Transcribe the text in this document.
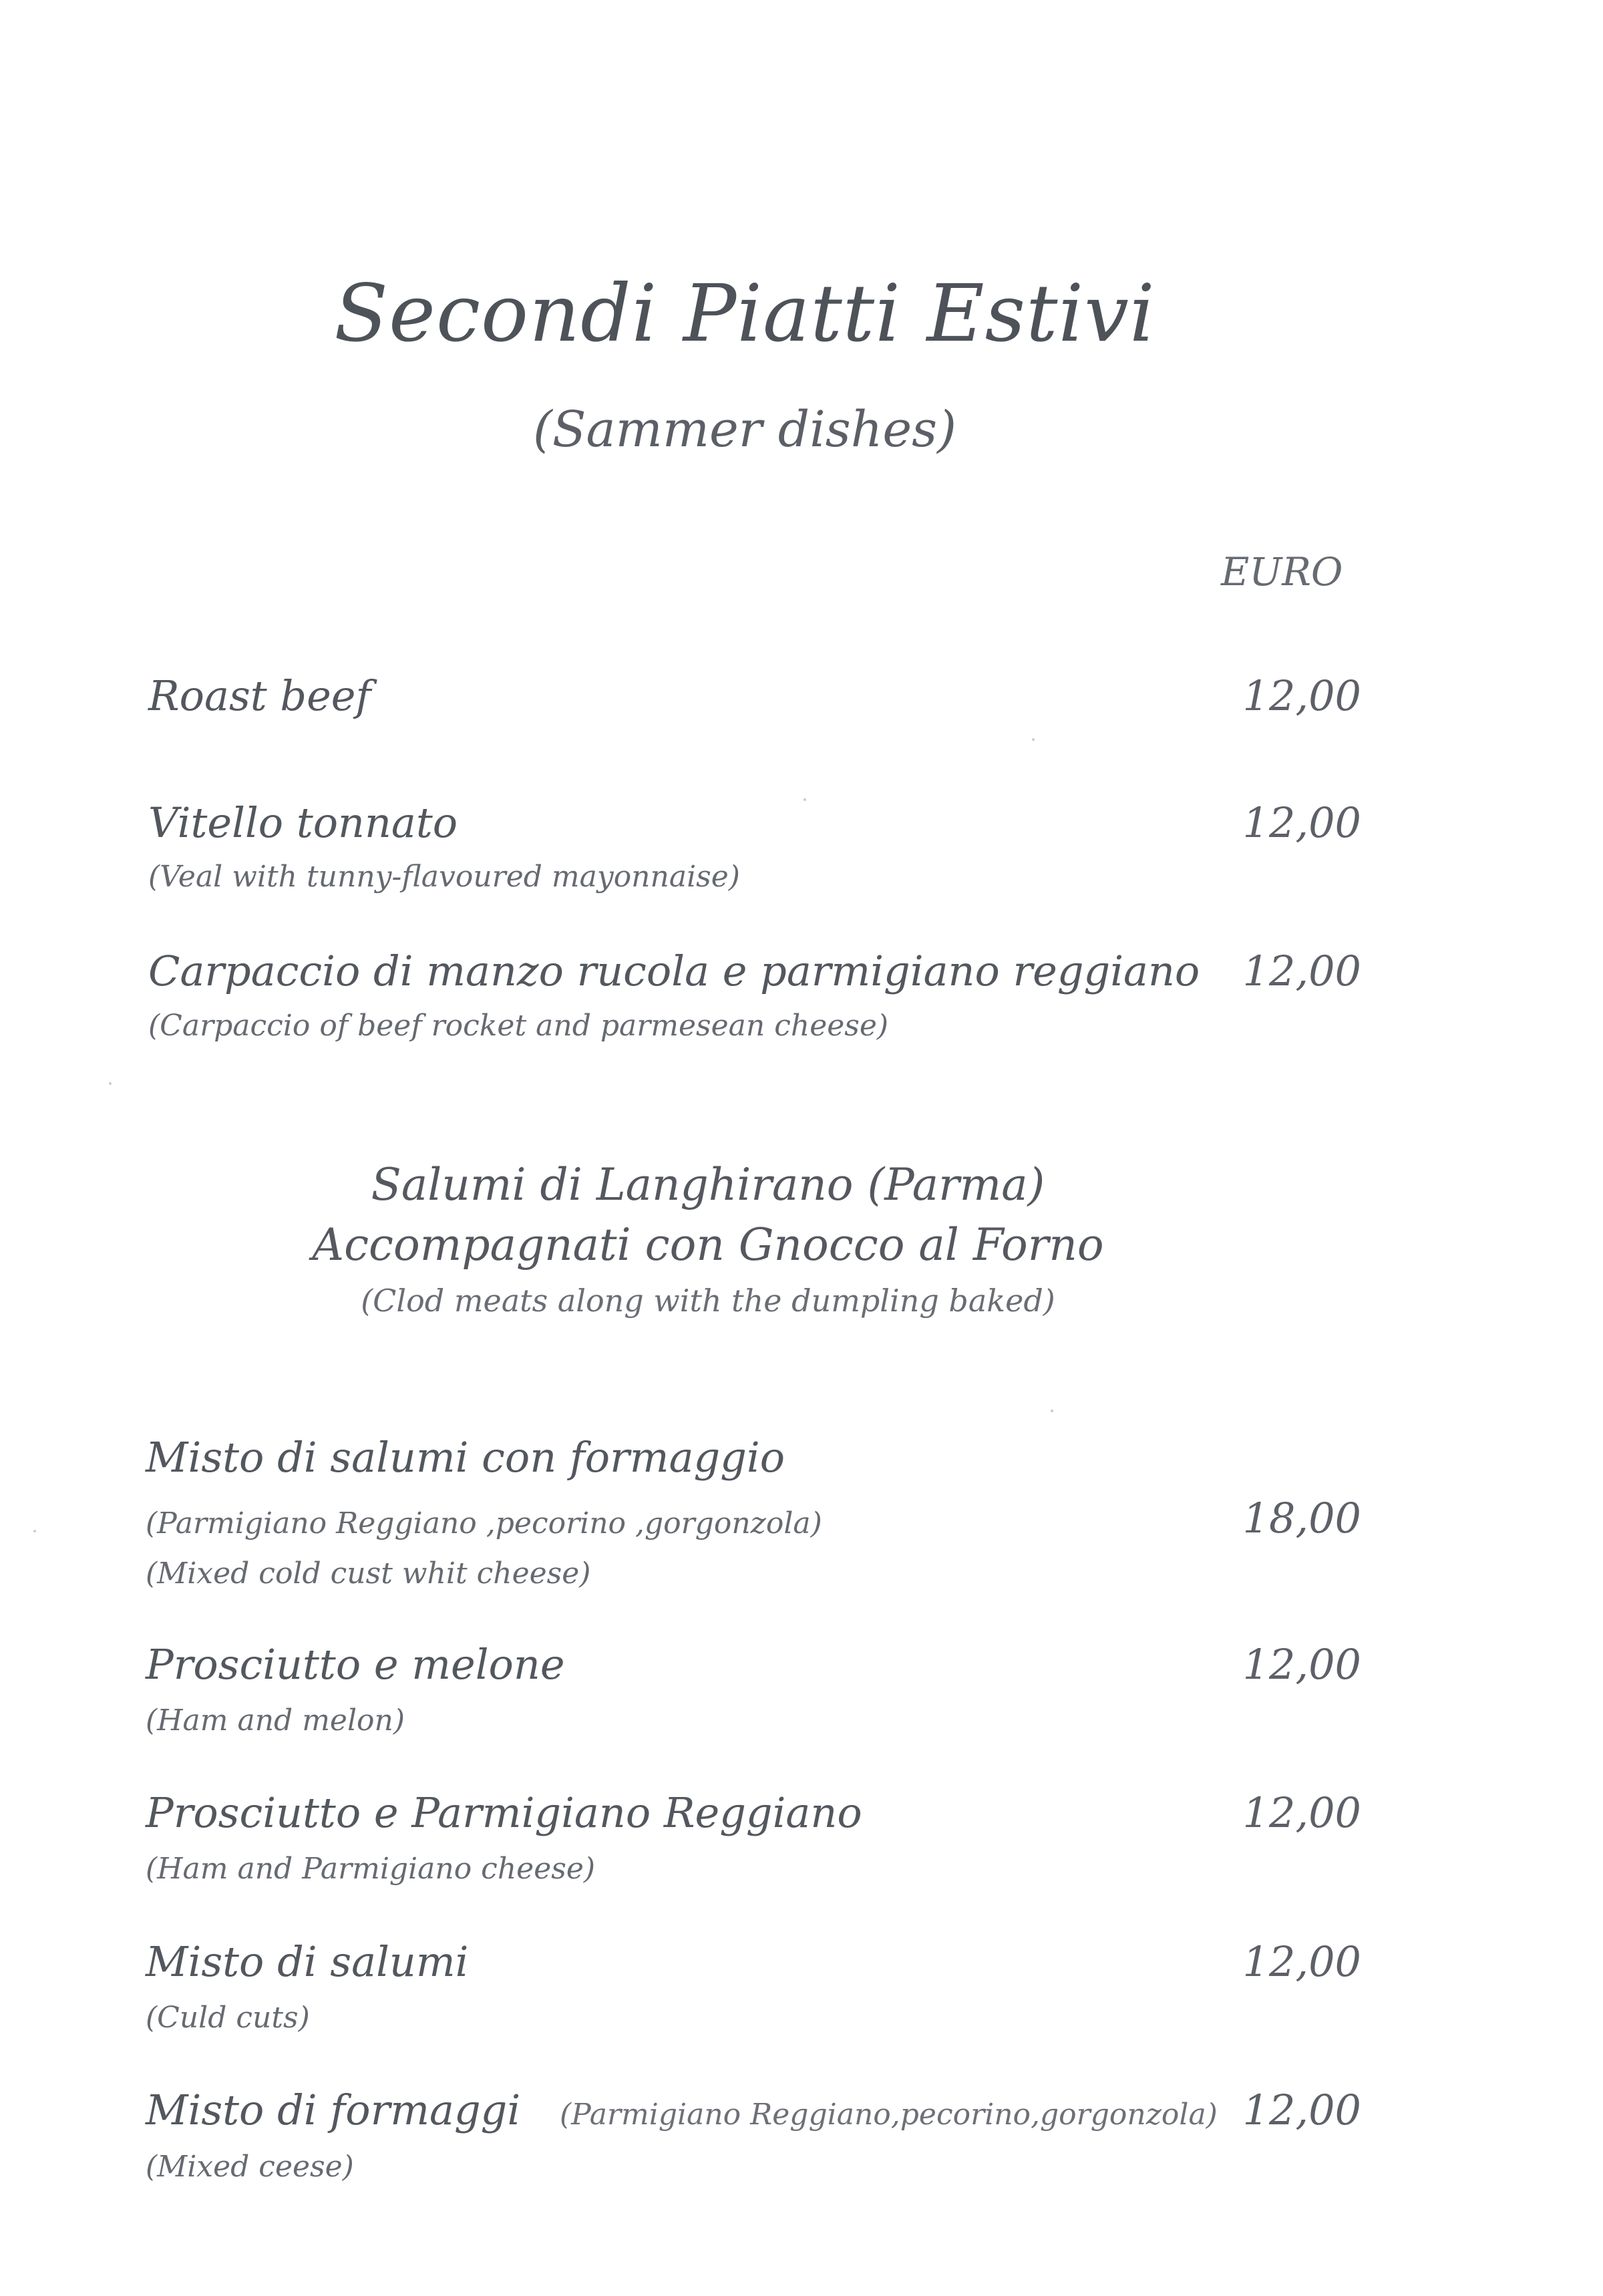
Secondi Piatti Estivi
(Sammer dishes)
EURO
Roast beef	12,00
Vitello tonnato
(Veal with tunny-flavoured mayonnaise)
12,00
Carpaccio di manzo rucola e parmigiano reggiano
(Carpaccio of beef rocket and parmesean cheese)
12,00
Salumi di Langhirano (Parma)
Accompagnati con Gnocco al Forno
(Clod meats along with the dumpling baked)
Misto di salumi con formaggio
(Parmigiano Reggiano ,pecorino ,gorgonzola)
(Mixed cold cust whit cheese)
18,00
Prosciutto e melone
(Ham and melon)
12,00
Prosciutto e Parmigiano Reggiano
(Ham and Parmigiano cheese)
12,00
Misto di salumi
(Culd cuts)
12,00
Misto di formaggi (Parmigiano Reggiano,pecorino,gorgonzola)
(Mixed ceese)
12,00
